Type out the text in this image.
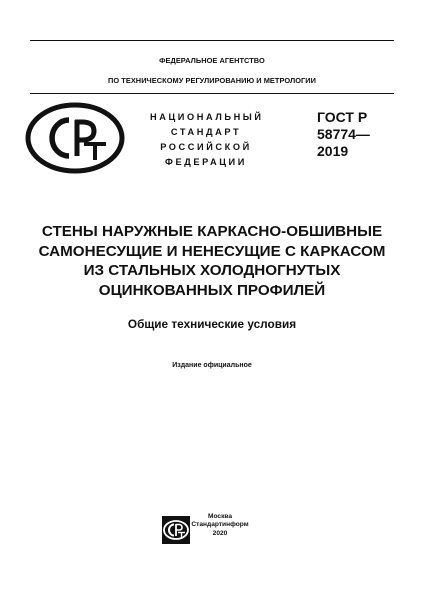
ФЕДЕРАЛЬНОЕ АГЕНТСТВО
ПО ТЕХНИЧЕСКОМУ РЕГУЛИРОВАНИЮ И МЕТРОЛОГИИ
НАЦИОНАЛЬНЫЙ
СТАНДАРТ
РОССИЙСКОЙ
ФЕДЕРАЦИИ
ГОСТ Р
58774—
2019
СТЕНЫ НАРУЖНЫЕ КАРКАСНО-ОБШИВНЫЕ
САМОНЕСУЩИЕ И НЕНЕСУЩИЕ С КАРКАСОМ
ИЗ СТАЛЬНЫХ ХОЛОДНОГНУТЫХ
ОЦИНКОВАННЫХ ПРОФИЛЕЙ
Общие технические условия
Издание официальное
Москва
Стандартинформ
2020
